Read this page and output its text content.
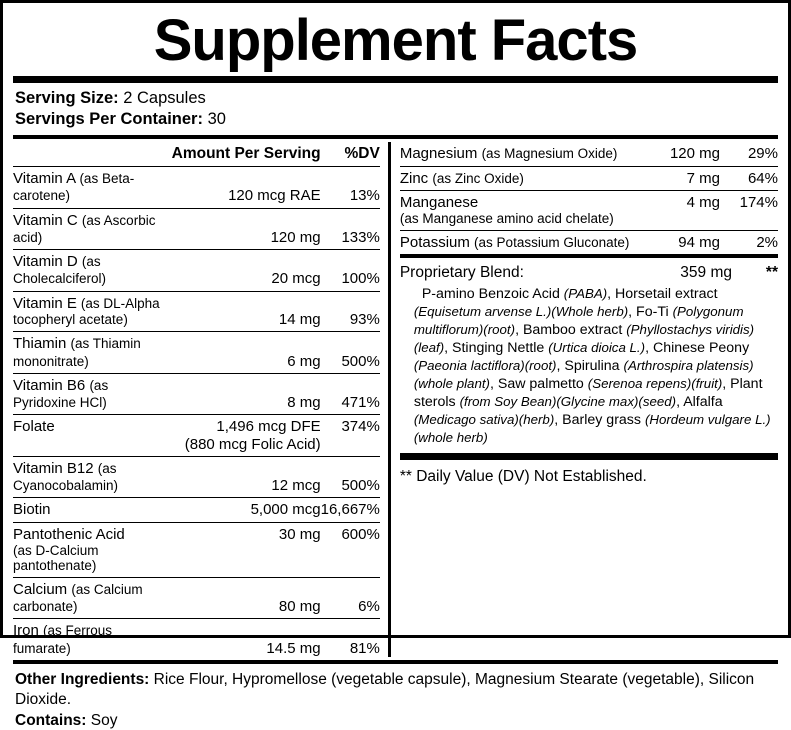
Supplement Facts
Serving Size: 2 Capsules
Servings Per Container: 30
	Amount Per Serving	%DV
Vitamin A (as Beta-carotene)	120 mcg RAE	13%
Vitamin C (as Ascorbic acid)	120 mg	133%
Vitamin D (as Cholecalciferol)	20 mcg	100%
Vitamin E (as DL-Alpha tocopheryl acetate)	14 mg	93%
Thiamin (as Thiamin mononitrate)	6 mg	500%
Vitamin B6 (as Pyridoxine HCl)	8 mg	471%
Folate	1,496 mcg DFE	374%
	(880 mcg Folic Acid)	
Vitamin B12 (as Cyanocobalamin)	12 mcg	500%
Biotin	5,000 mcg	16,667%
Pantothenic Acid	30 mg	600%
(as D-Calcium pantothenate)		
Calcium (as Calcium carbonate)	80 mg	6%
Iron (as Ferrous fumarate)	14.5 mg	81%
Magnesium (as Magnesium Oxide)	120 mg	29%
Zinc (as Zinc Oxide)	7 mg	64%
Manganese	4 mg	174%
(as Manganese amino acid chelate)		
Potassium (as Potassium Gluconate)	94 mg	2%
Proprietary Blend:	359 mg	**
P-amino Benzoic Acid (PABA), Horsetail extract (Equisetum arvense L.)(Whole herb), Fo-Ti (Polygonum multiflorum)(root), Bamboo extract (Phyllostachys viridis)(leaf), Stinging Nettle (Urtica dioica L.), Chinese Peony (Paeonia lactiflora)(root), Spirulina (Arthrospira platensis)(whole plant), Saw palmetto (Serenoa repens)(fruit), Plant sterols (from Soy Bean)(Glycine max)(seed), Alfalfa (Medicago sativa)(herb), Barley grass (Hordeum vulgare L.)(whole herb)
** Daily Value (DV) Not Established.
Other Ingredients: Rice Flour, Hypromellose (vegetable capsule), Magnesium Stearate (vegetable), Silicon Dioxide.
Contains: Soy
